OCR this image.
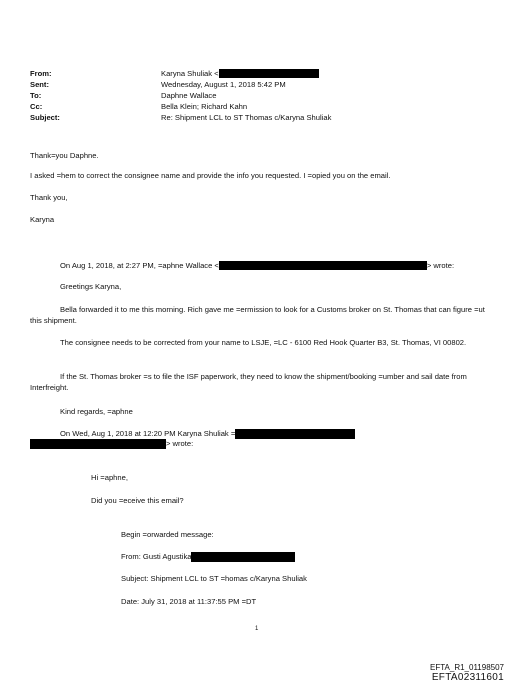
From:
Sent:
To:
Cc:
Subject:
Karyna Shuliak <
Wednesday, August 1, 2018 5:42 PM
Daphne Wallace
Bella Klein; Richard Kahn
Re: Shipment LCL to ST Thomas c/Karyna Shuliak
Thank=you Daphne.
I asked =hem to correct the consignee name and provide the info you requested. I =opied you on the email.
Thank you,
Karyna
On Aug 1, 2018, at 2:27 PM, =aphne Wallace <	> wrote:
Greetings Karyna,
Bella forwarded it to me this morning. Rich gave me =ermission to look for a Customs broker on St. Thomas that can figure =ut this shipment.
The consignee needs to be corrected from your name to LSJE, =LC - 6100 Red Hook Quarter B3, St. Thomas, VI 00802.
If the St. Thomas broker =s to file the ISF paperwork, they need to know the shipment/booking =umber and sail date from Interfreight.
Kind regards, =aphne
On Wed, Aug 1, 2018 at 12:20 PM Karyna Shuliak =
> wrote:
Hi =aphne,
Did you =eceive this email?
Begin =orwarded message:
From: Gusti Agustika
Subject: Shipment LCL to ST =homas c/Karyna Shuliak
Date: July 31, 2018 at 11:37:55 PM =DT
1
EFTA_R1_01198507
EFTA02311601
